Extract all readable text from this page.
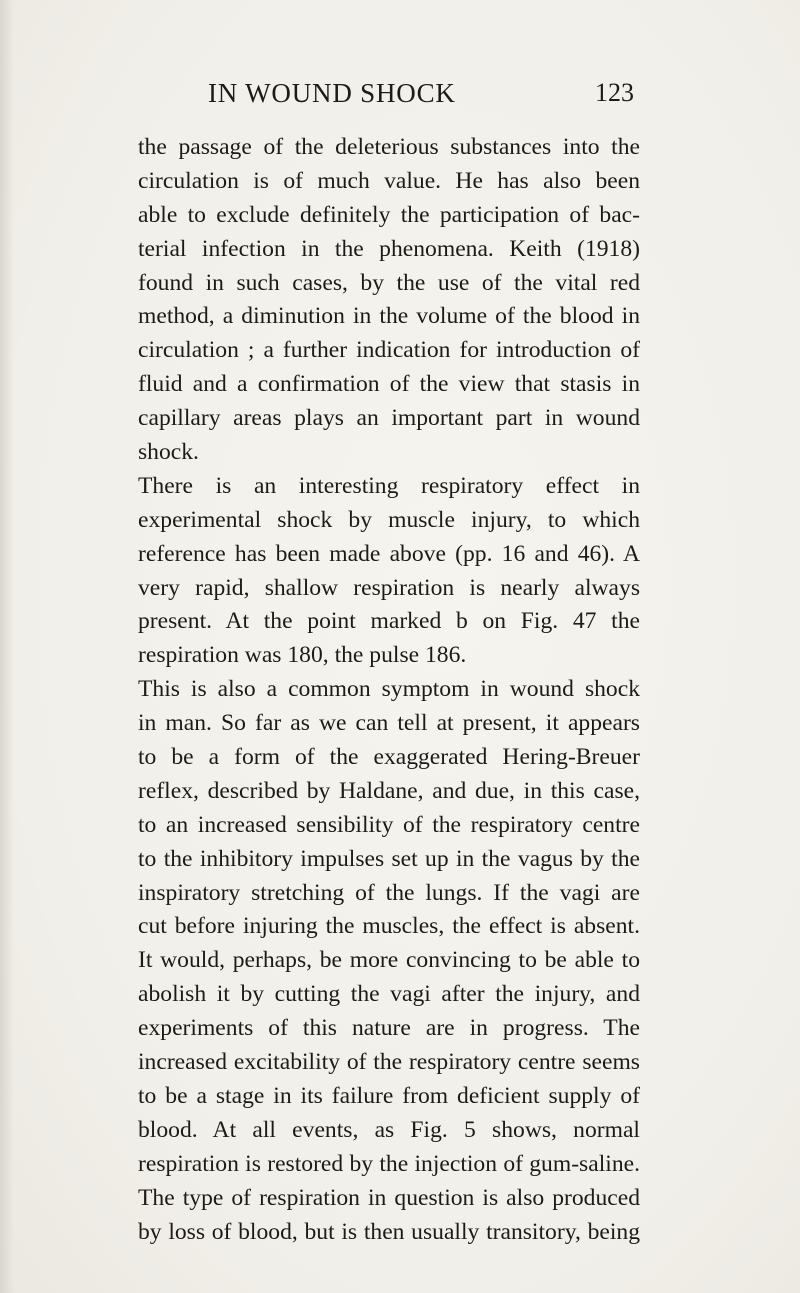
IN WOUND SHOCK	123
the passage of the deleterious substances into the
circulation is of much value. He has also been
able to exclude definitely the participation of bac-
terial infection in the phenomena. Keith (1918)
found in such cases, by the use of the vital red
method, a diminution in the volume of the blood in
circulation ; a further indication for introduction of
fluid and a confirmation of the view that stasis in
capillary areas plays an important part in wound
shock.
There is an interesting respiratory effect in
experimental shock by muscle injury, to which
reference has been made above (pp. 16 and 46). A
very rapid, shallow respiration is nearly always
present. At the point marked b on Fig. 47 the
respiration was 180, the pulse 186.
This is also a common symptom in wound shock
in man. So far as we can tell at present, it appears
to be a form of the exaggerated Hering-Breuer
reflex, described by Haldane, and due, in this case,
to an increased sensibility of the respiratory centre
to the inhibitory impulses set up in the vagus by the
inspiratory stretching of the lungs. If the vagi are
cut before injuring the muscles, the effect is absent.
It would, perhaps, be more convincing to be able to
abolish it by cutting the vagi after the injury, and
experiments of this nature are in progress. The
increased excitability of the respiratory centre seems
to be a stage in its failure from deficient supply of
blood. At all events, as Fig. 5 shows, normal
respiration is restored by the injection of gum-saline.
The type of respiration in question is also produced
by loss of blood, but is then usually transitory, being
